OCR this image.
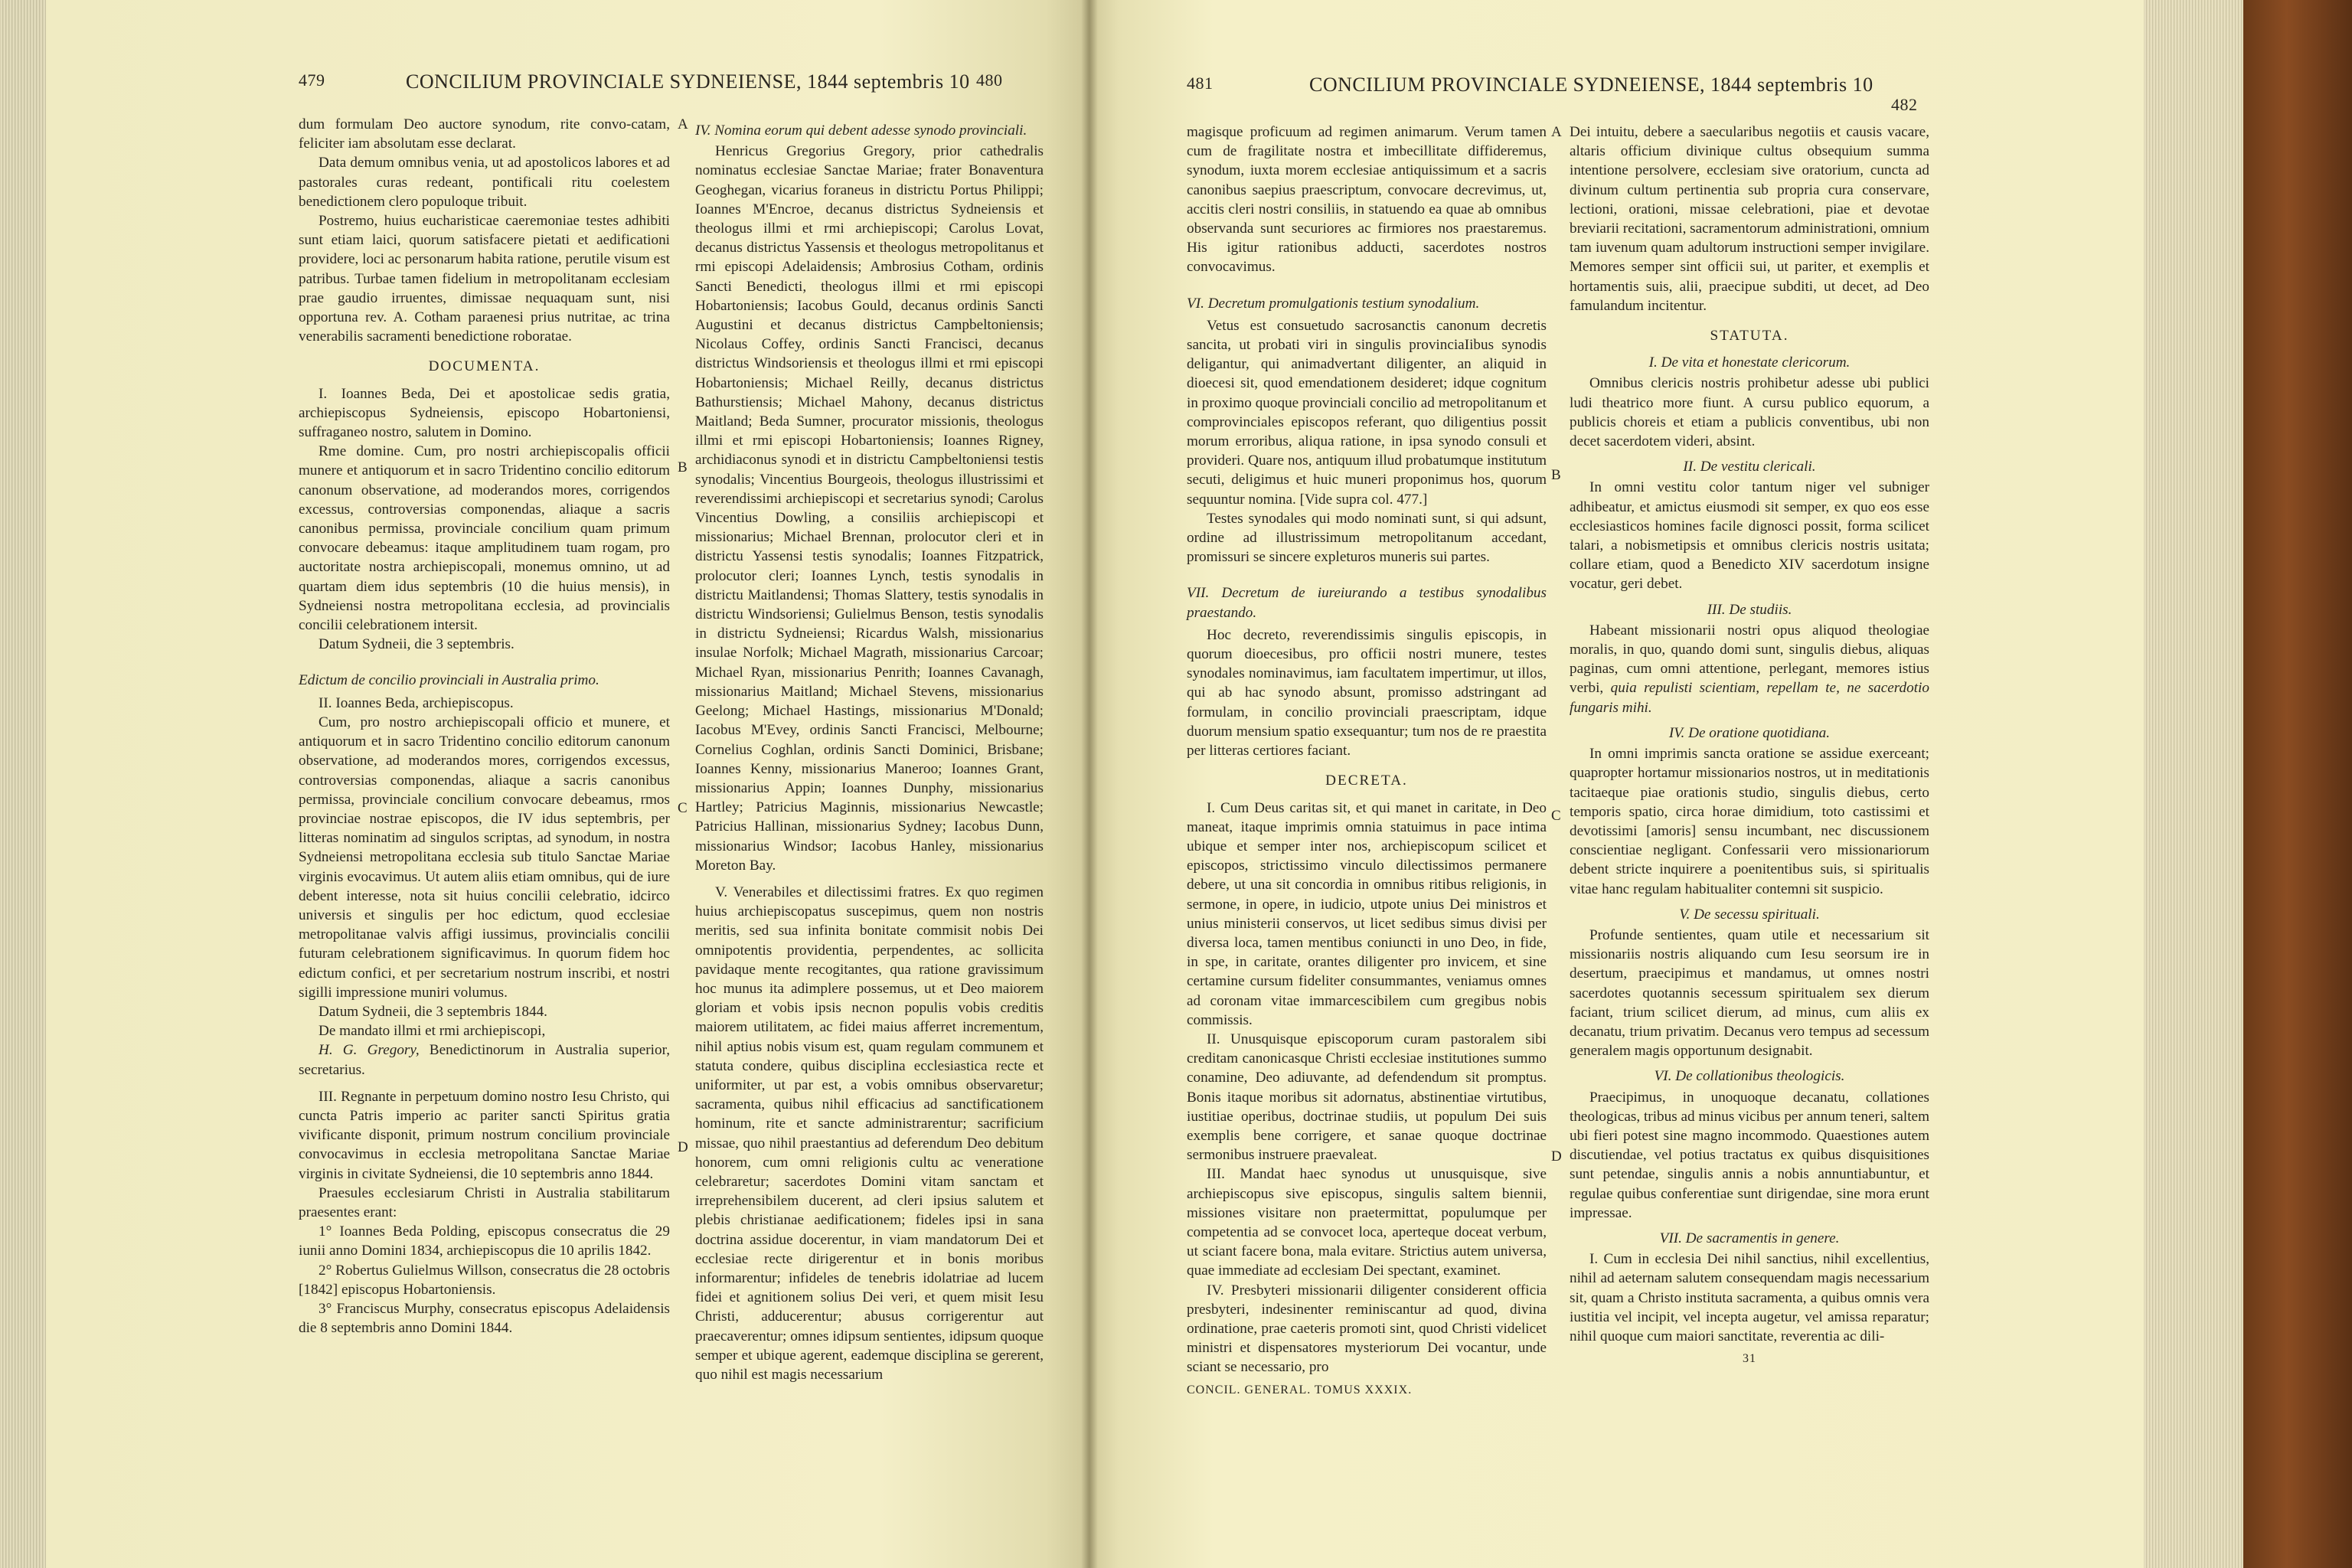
479	CONCILIUM PROVINCIALE SYDNEIENSE, 1844 septembris 10 480

dum formulam Deo auctore synodum, rite convo-catam, feliciter iam absolutam esse declarat.

Data demum omnibus venia, ut ad apostolicos labores et ad pastorales curas redeant, pontificali ritu coelestem benedictionem clero populoque tribuit.

Postremo, huius eucharisticae caeremoniae testes adhibiti sunt etiam laici, quorum satisfacere pietati et aedificationi providere, loci ac personarum habita ratione, perutile visum est patribus. Turbae tamen fidelium in metropolitanam ecclesiam prae gaudio irruentes, dimissae nequaquam sunt, nisi opportuna rev. A. Cotham paraenesi prius nutritae, ac trina venerabilis sacramenti benedictione roboratae.

DOCUMENTA.

I. Ioannes Beda, Dei et apostolicae sedis gratia, archiepiscopus Sydneiensis, episcopo Hobartoniensi, suffraganeo nostro, salutem in Domino.

Rme domine. Cum, pro nostri archiepiscopalis officii munere et antiquorum et in sacro Tridentino concilio editorum canonum observatione, ad moderandos mores, corrigendos excessus, controversias componendas, aliaque a sacris canonibus permissa, provinciale concilium quam primum convocare debeamus: itaque amplitudinem tuam rogam, pro auctoritate nostra archiepiscopali, monemus omnino, ut ad quartam diem idus septembris (10 die huius mensis), in Sydneiensi nostra metropolitana ecclesia, ad provincialis concilii celebrationem intersit.

Datum Sydneii, die 3 septembris.

Edictum de concilio provinciali in Australia primo.

II. Ioannes Beda, archiepiscopus.

Cum, pro nostro archiepiscopali officio et munere, et antiquorum et in sacro Tridentino concilio editorum canonum observatione, ad moderandos mores, corrigendos excessus, controversias componendas, aliaque a sacris canonibus permissa, provinciale concilium convocare debeamus, rmos provinciae nostrae episcopos, die IV idus septembris, per litteras nominatim ad singulos scriptas, ad synodum, in nostra Sydneiensi metropolitana ecclesia sub titulo Sanctae Mariae virginis evocavimus. Ut autem aliis etiam omnibus, qui de iure debent interesse, nota sit huius concilii celebratio, idcirco universis et singulis per hoc edictum, quod ecclesiae metropolitanae valvis affigi iussimus, provincialis concilii futuram celebrationem significavimus. In quorum fidem hoc edictum confici, et per secretarium nostrum inscribi, et nostri sigilli impressione muniri volumus.

Datum Sydneii, die 3 septembris 1844.

De mandato illmi et rmi archiepiscopi,

H. G. Gregory, Benedictinorum in Australia superior, secretarius.

III. Regnante in perpetuum domino nostro Iesu Christo, qui cuncta Patris imperio ac pariter sancti Spiritus gratia vivificante disponit, primum nostrum concilium provinciale convocavimus in ecclesia metropolitana Sanctae Mariae virginis in civitate Sydneiensi, die 10 septembris anno 1844.

Praesules ecclesiarum Christi in Australia stabilitarum praesentes erant:

1° Ioannes Beda Polding, episcopus consecratus die 29 iunii anno Domini 1834, archiepiscopus die 10 aprilis 1842.

2° Robertus Gulielmus Willson, consecratus die 28 octobris [1842] episcopus Hobartoniensis.

3° Franciscus Murphy, consecratus episcopus Adelaidensis die 8 septembris anno Domini 1844.

A
B
C
D

IV. Nomina eorum qui debent adesse synodo provinciali.

Henricus Gregorius Gregory, prior cathedralis nominatus ecclesiae Sanctae Mariae; frater Bonaventura Geoghegan, vicarius foraneus in districtu Portus Philippi; Ioannes M'Encroe, decanus districtus Sydneiensis et theologus illmi et rmi archiepiscopi; Carolus Lovat, decanus districtus Yassensis et theologus metropolitanus et rmi episcopi Adelaidensis; Ambrosius Cotham, ordinis Sancti Benedicti, theologus illmi et rmi episcopi Hobartoniensis; Iacobus Gould, decanus ordinis Sancti Augustini et decanus districtus Campbeltoniensis; Nicolaus Coffey, ordinis Sancti Francisci, decanus districtus Windsoriensis et theologus illmi et rmi episcopi Hobartoniensis; Michael Reilly, decanus districtus Bathurstiensis; Michael Mahony, decanus districtus Maitland; Beda Sumner, procurator missionis, theologus illmi et rmi episcopi Hobartoniensis; Ioannes Rigney, archidiaconus synodi et in districtu Campbeltoniensi testis synodalis; Vincentius Bourgeois, theologus illustrissimi et reverendissimi archiepiscopi et secretarius synodi; Carolus Vincentius Dowling, a consiliis archiepiscopi et missionarius; Michael Brennan, prolocutor cleri et in districtu Yassensi testis synodalis; Ioannes Fitzpatrick, prolocutor cleri; Ioannes Lynch, testis synodalis in districtu Maitlandensi; Thomas Slattery, testis synodalis in districtu Windsoriensi; Gulielmus Benson, testis synodalis in districtu Sydneiensi; Ricardus Walsh, missionarius insulae Norfolk; Michael Magrath, missionarius Carcoar; Michael Ryan, missionarius Penrith; Ioannes Cavanagh, missionarius Maitland; Michael Stevens, missionarius Geelong; Michael Hastings, missionarius M'Donald; Iacobus M'Evey, ordinis Sancti Francisci, Melbourne; Cornelius Coghlan, ordinis Sancti Dominici, Brisbane; Ioannes Kenny, missionarius Maneroo; Ioannes Grant, missionarius Appin; Ioannes Dunphy, missionarius Hartley; Patricius Maginnis, missionarius Newcastle; Patricius Hallinan, missionarius Sydney; Iacobus Dunn, missionarius Windsor; Iacobus Hanley, missionarius Moreton Bay.

V. Venerabiles et dilectissimi fratres. Ex quo regimen huius archiepiscopatus suscepimus, quem non nostris meritis, sed sua infinita bonitate commisit nobis Dei omnipotentis providentia, perpendentes, ac sollicita pavidaque mente recogitantes, qua ratione gravissimum hoc munus ita adimplere possemus, ut et Deo maiorem gloriam et vobis ipsis necnon populis vobis creditis maiorem utilitatem, ac fidei maius afferret incrementum, nihil aptius nobis visum est, quam regulam communem et statuta condere, quibus disciplina ecclesiastica recte et uniformiter, ut par est, a vobis omnibus observaretur; sacramenta, quibus nihil efficacius ad sanctificationem hominum, rite et sancte administrarentur; sacrificium missae, quo nihil praestantius ad deferendum Deo debitum honorem, cum omni religionis cultu ac veneratione celebraretur; sacerdotes Domini vitam sanctam et irreprehensibilem ducerent, ad cleri ipsius salutem et plebis christianae aedificationem; fideles ipsi in sana doctrina assidue docerentur, in viam mandatorum Dei et ecclesiae recte dirigerentur et in bonis moribus informarentur; infideles de tenebris idolatriae ad lucem fidei et agnitionem solius Dei veri, et quem misit Iesu Christi, adducerentur; abusus corrigerentur aut praecaverentur; omnes idipsum sentientes, idipsum quoque semper et ubique agerent, eademque disciplina se gererent, quo nihil est magis necessarium

481	CONCILIUM PROVINCIALE SYDNEIENSE, 1844 septembris 10
482

magisque proficuum ad regimen animarum. Verum tamen cum de fragilitate nostra et imbecillitate diffideremus, synodum, iuxta morem ecclesiae antiquissimum et a sacris canonibus saepius praescriptum, convocare decrevimus, ut, accitis cleri nostri consiliis, in statuendo ea quae ab omnibus observanda sunt securiores ac firmiores nos praestaremus. His igitur rationibus adducti, sacerdotes nostros convocavimus.

VI. Decretum promulgationis testium synodalium.

Vetus est consuetudo sacrosanctis canonum decretis sancita, ut probati viri in singulis provinciaIibus synodis deligantur, qui animadvertant diligenter, an aliquid in dioecesi sit, quod emendationem desideret; idque cognitum in proximo quoque provinciali concilio ad metropolitanum et comprovinciales episcopos referant, quo diligentius possit morum erroribus, aliqua ratione, in ipsa synodo consuli et provideri. Quare nos, antiquum illud probatumque institutum secuti, deligimus et huic muneri proponimus hos, quorum sequuntur nomina. [Vide supra col. 477.]

Testes synodales qui modo nominati sunt, si qui adsunt, ordine ad illustrissimum metropolitanum accedant, promissuri se sincere expleturos muneris sui partes.

VII. Decretum de iureiurando a testibus synodalibus praestando.

Hoc decreto, reverendissimis singulis episcopis, in quorum dioecesibus, pro officii nostri munere, testes synodales nominavimus, iam facultatem impertimur, ut illos, qui ab hac synodo absunt, promisso adstringant ad formulam, in concilio provinciali praescriptam, idque duorum mensium spatio exsequantur; tum nos de re praestita per litteras certiores faciant.

DECRETA.

I. Cum Deus caritas sit, et qui manet in caritate, in Deo maneat, itaque imprimis omnia statuimus in pace intima ubique et semper inter nos, archiepiscopum scilicet et episcopos, strictissimo vinculo dilectissimos permanere debere, ut una sit concordia in omnibus ritibus religionis, in sermone, in opere, in iudicio, utpote unius Dei ministros et unius ministerii conservos, ut licet sedibus simus divisi per diversa loca, tamen mentibus coniuncti in uno Deo, in fide, in spe, in caritate, orantes diligenter pro invicem, et sine certamine cursum fideliter consummantes, veniamus omnes ad coronam vitae immarcescibilem cum gregibus nobis commissis.

II. Unusquisque episcoporum curam pastoralem sibi creditam canonicasque Christi ecclesiae institutiones summo conamine, Deo adiuvante, ad defendendum sit promptus. Bonis itaque moribus sit adornatus, abstinentiae virtutibus, iustitiae operibus, doctrinae studiis, ut populum Dei suis exemplis bene corrigere, et sanae quoque doctrinae sermonibus instruere praevaleat.

III. Mandat haec synodus ut unusquisque, sive archiepiscopus sive episcopus, singulis saltem biennii, missiones visitare non praetermittat, populumque per competentia ad se convocet loca, aperteque doceat verbum, ut sciant facere bona, mala evitare. Strictius autem universa, quae immediate ad ecclesiam Dei spectant, examinet.

IV. Presbyteri missionarii diligenter considerent officia presbyteri, indesinenter reminiscantur ad quod, divina ordinatione, prae caeteris promoti sint, quod Christi videlicet ministri et dispensatores mysteriorum Dei vocantur, unde sciant se necessario, pro

CONCIL. GENERAL. TOMUS XXXIX.

A
B
C
D

Dei intuitu, debere a saecularibus negotiis et causis vacare, altaris officium divinique cultus obsequium summa intentione persolvere, ecclesiam sive oratorium, cuncta ad divinum cultum pertinentia sub propria cura conservare, lectioni, orationi, missae celebrationi, piae et devotae breviarii recitationi, sacramentorum administrationi, omnium tam iuvenum quam adultorum instructioni semper invigilare. Memores semper sint officii sui, ut pariter, et exemplis et hortamentis suis, alii, praecipue subditi, ut decet, ad Deo famulandum incitentur.

STATUTA.

I. De vita et honestate clericorum.

Omnibus clericis nostris prohibetur adesse ubi publici ludi theatrico more fiunt. A cursu publico equorum, a publicis choreis et etiam a publicis conventibus, ubi non decet sacerdotem videri, absint.

II. De vestitu clericali.

In omni vestitu color tantum niger vel subniger adhibeatur, et amictus eiusmodi sit semper, ex quo eos esse ecclesiasticos homines facile dignosci possit, forma scilicet talari, a nobismetipsis et omnibus clericis nostris usitata; collare etiam, quod a Benedicto XIV sacerdotum insigne vocatur, geri debet.

III. De studiis.

Habeant missionarii nostri opus aliquod theologiae moralis, in quo, quando domi sunt, singulis diebus, aliquas paginas, cum omni attentione, perlegant, memores istius verbi, quia repulisti scientiam, repellam te, ne sacerdotio fungaris mihi.

IV. De oratione quotidiana.

In omni imprimis sancta oratione se assidue exerceant; quapropter hortamur missionarios nostros, ut in meditationis tacitaeque piae orationis studio, singulis diebus, certo temporis spatio, circa horae dimidium, toto castissimi et devotissimi [amoris] sensu incumbant, nec discussionem conscientiae negligant. Confessarii vero missionariorum debent stricte inquirere a poenitentibus suis, si spiritualis vitae hanc regulam habitualiter contemni sit suspicio.

V. De secessu spirituali.

Profunde sentientes, quam utile et necessarium sit missionariis nostris aliquando cum Iesu seorsum ire in desertum, praecipimus et mandamus, ut omnes nostri sacerdotes quotannis secessum spiritualem sex dierum faciant, trium scilicet dierum, ad minus, cum aliis ex decanatu, trium privatim. Decanus vero tempus ad secessum generalem magis opportunum designabit.

VI. De collationibus theologicis.

Praecipimus, in unoquoque decanatu, collationes theologicas, tribus ad minus vicibus per annum teneri, saltem ubi fieri potest sine magno incommodo. Quaestiones autem discutiendae, vel potius tractatus ex quibus disquisitiones sunt petendae, singulis annis a nobis annuntiabuntur, et regulae quibus conferentiae sunt dirigendae, sine mora erunt impressae.

VII. De sacramentis in genere.

I. Cum in ecclesia Dei nihil sanctius, nihil excellentius, nihil ad aeternam salutem consequendam magis necessarium sit, quam a Christo instituta sacramenta, a quibus omnis vera iustitia vel incipit, vel incepta augetur, vel amissa reparatur; nihil quoque cum maiori sanctitate, reverentia ac dili-

31
